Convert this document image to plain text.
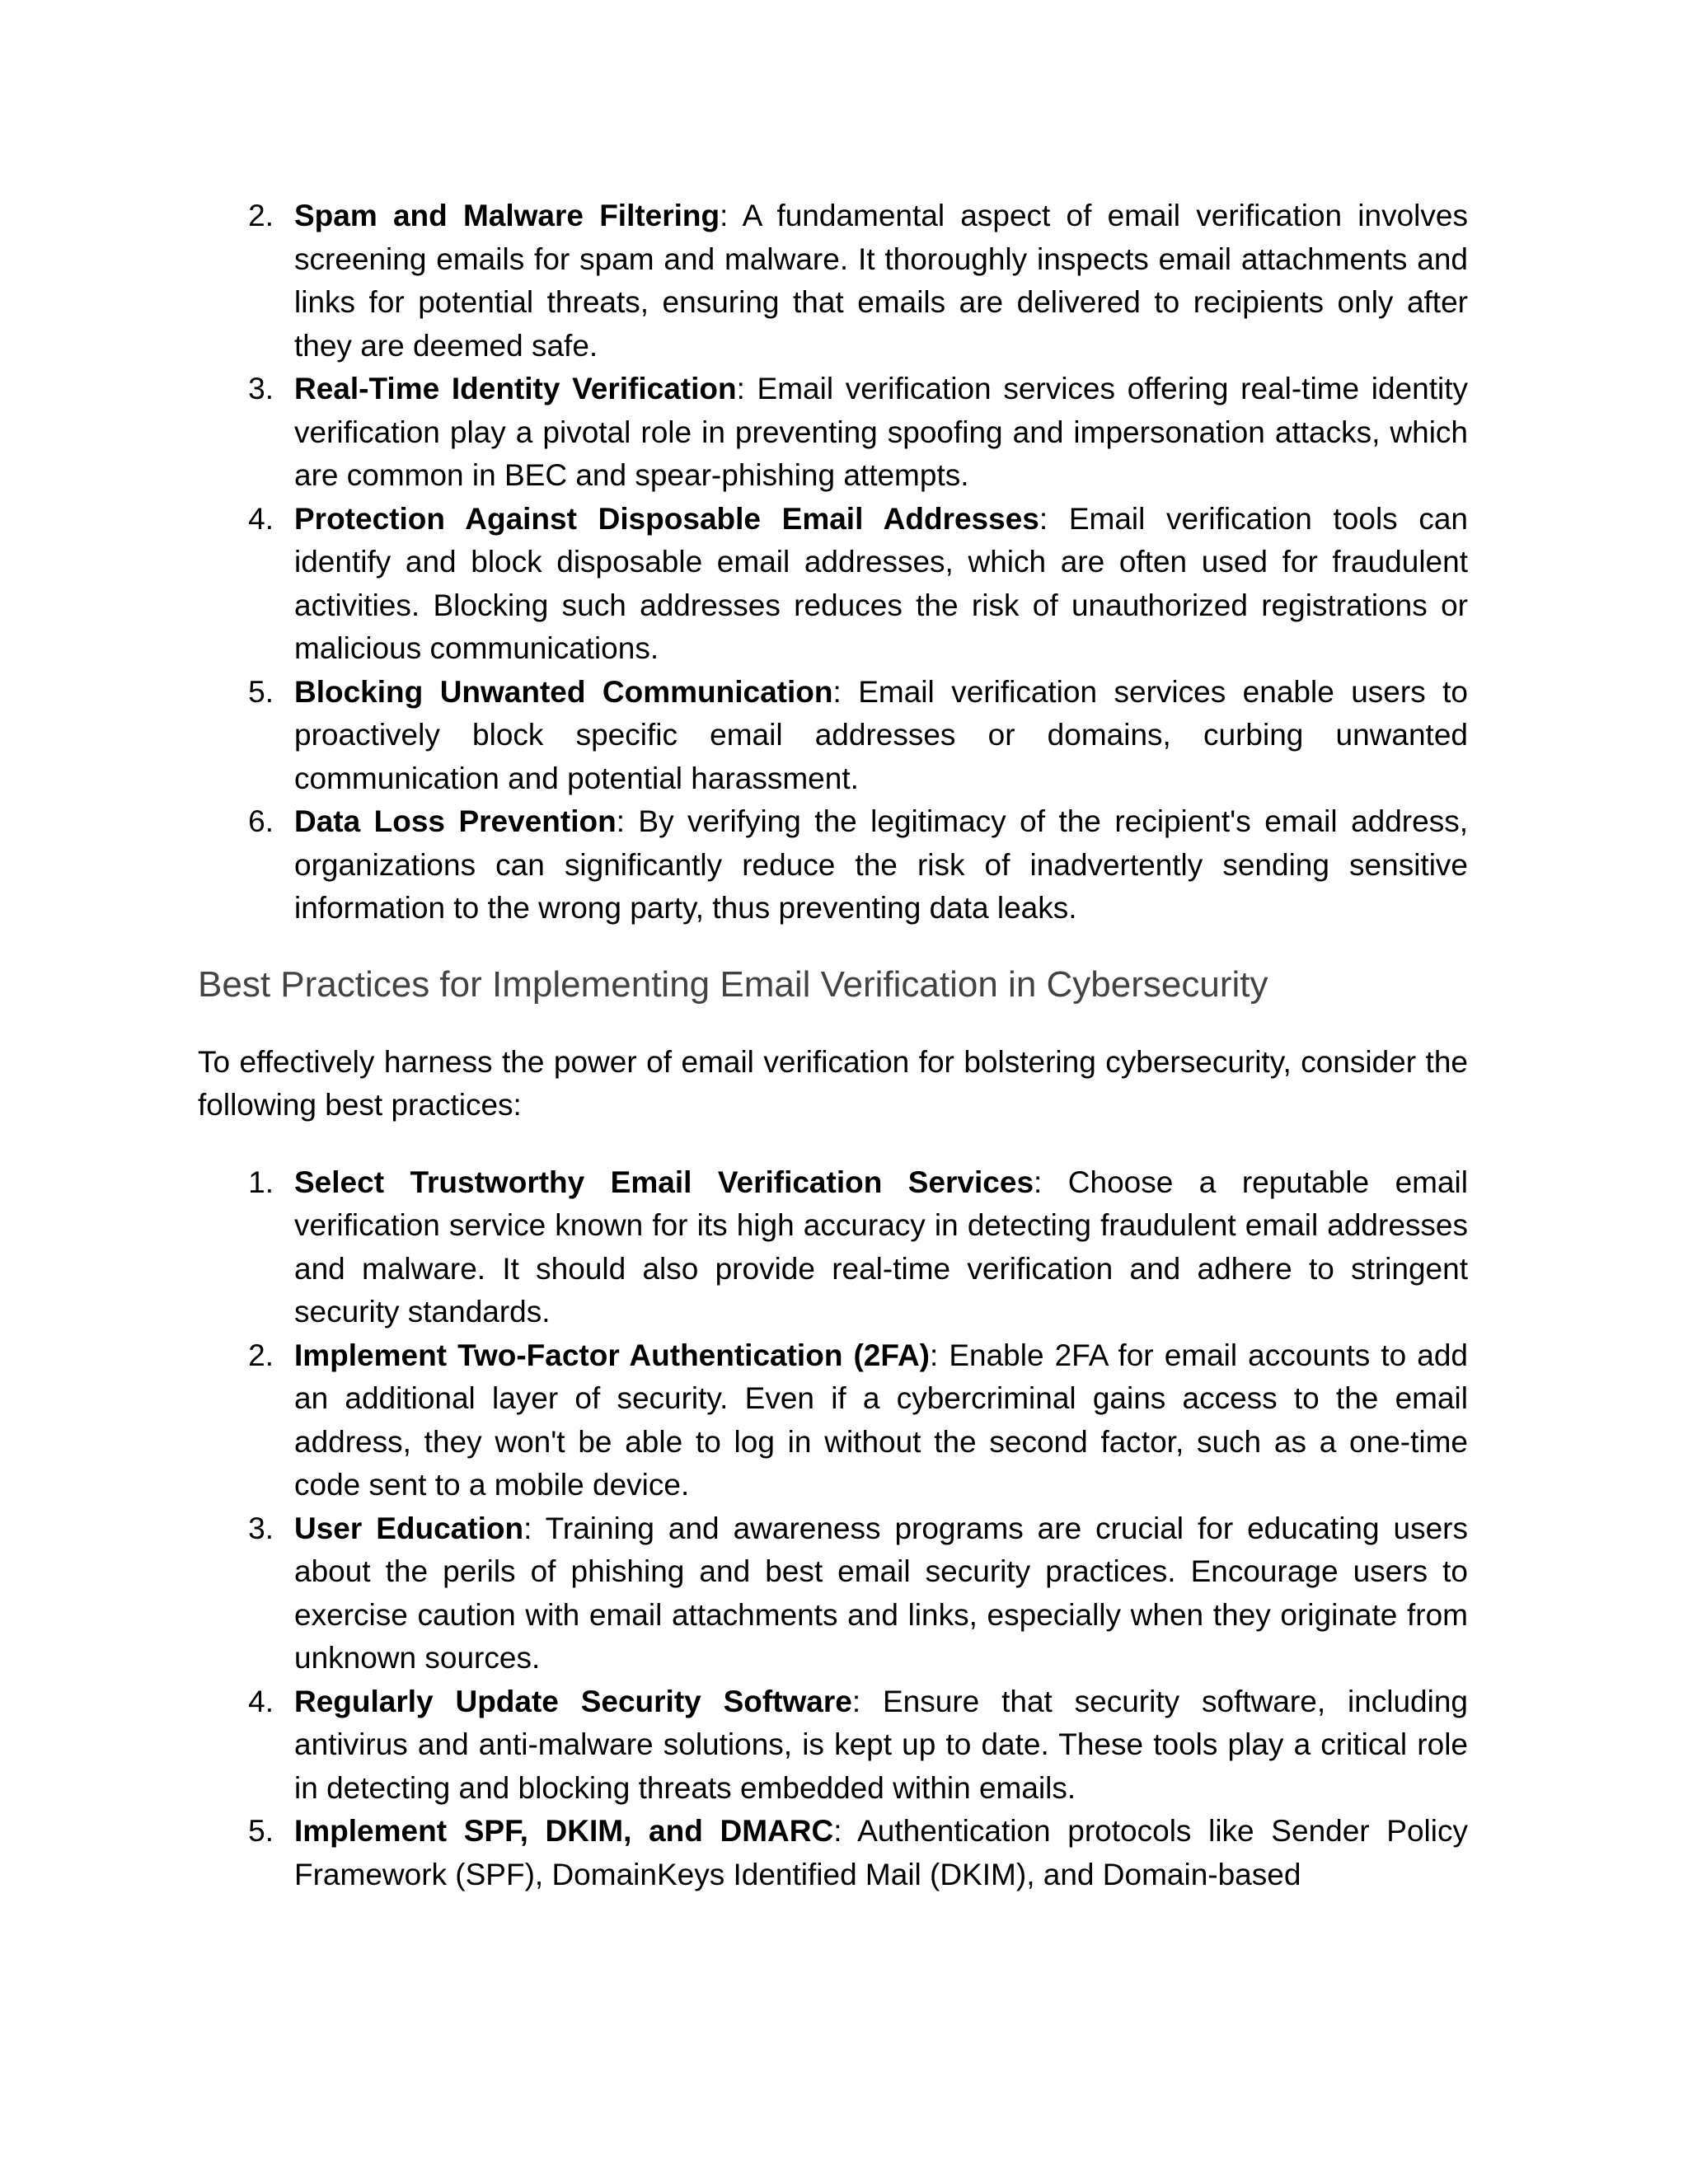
2. Spam and Malware Filtering: A fundamental aspect of email verification involves screening emails for spam and malware. It thoroughly inspects email attachments and links for potential threats, ensuring that emails are delivered to recipients only after they are deemed safe.
3. Real-Time Identity Verification: Email verification services offering real-time identity verification play a pivotal role in preventing spoofing and impersonation attacks, which are common in BEC and spear-phishing attempts.
4. Protection Against Disposable Email Addresses: Email verification tools can identify and block disposable email addresses, which are often used for fraudulent activities. Blocking such addresses reduces the risk of unauthorized registrations or malicious communications.
5. Blocking Unwanted Communication: Email verification services enable users to proactively block specific email addresses or domains, curbing unwanted communication and potential harassment.
6. Data Loss Prevention: By verifying the legitimacy of the recipient's email address, organizations can significantly reduce the risk of inadvertently sending sensitive information to the wrong party, thus preventing data leaks.
Best Practices for Implementing Email Verification in Cybersecurity

To effectively harness the power of email verification for bolstering cybersecurity, consider the following best practices:

1. Select Trustworthy Email Verification Services: Choose a reputable email verification service known for its high accuracy in detecting fraudulent email addresses and malware. It should also provide real-time verification and adhere to stringent security standards.
2. Implement Two-Factor Authentication (2FA): Enable 2FA for email accounts to add an additional layer of security. Even if a cybercriminal gains access to the email address, they won't be able to log in without the second factor, such as a one-time code sent to a mobile device.
3. User Education: Training and awareness programs are crucial for educating users about the perils of phishing and best email security practices. Encourage users to exercise caution with email attachments and links, especially when they originate from unknown sources.
4. Regularly Update Security Software: Ensure that security software, including antivirus and anti-malware solutions, is kept up to date. These tools play a critical role in detecting and blocking threats embedded within emails.
5. Implement SPF, DKIM, and DMARC: Authentication protocols like Sender Policy Framework (SPF), DomainKeys Identified Mail (DKIM), and Domain-based
